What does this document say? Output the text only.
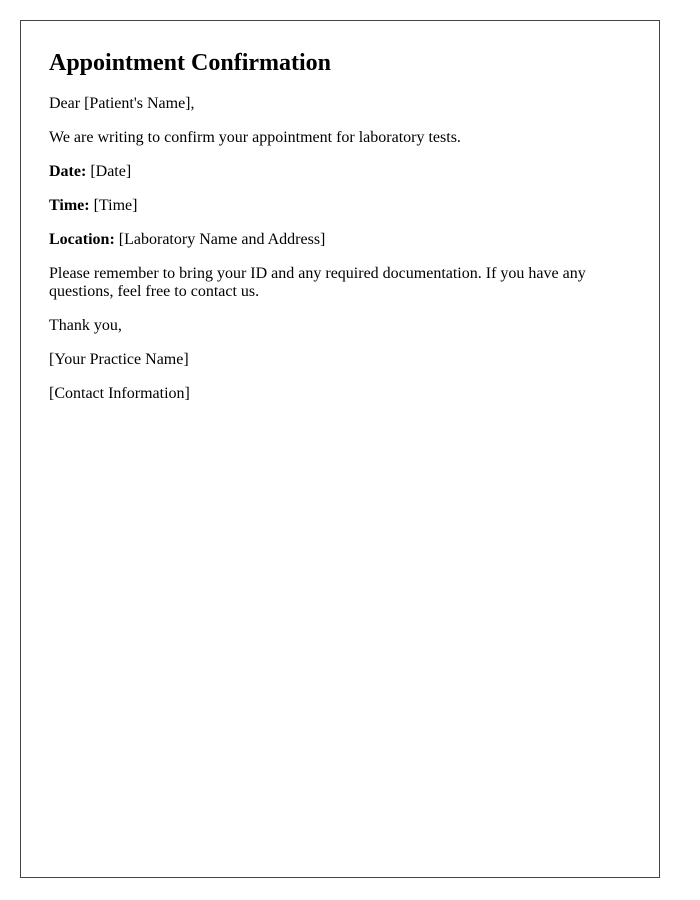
Appointment Confirmation

Dear [Patient's Name],

We are writing to confirm your appointment for laboratory tests.

Date: [Date]

Time: [Time]

Location: [Laboratory Name and Address]

Please remember to bring your ID and any required documentation. If you have any questions, feel free to contact us.

Thank you,

[Your Practice Name]

[Contact Information]
